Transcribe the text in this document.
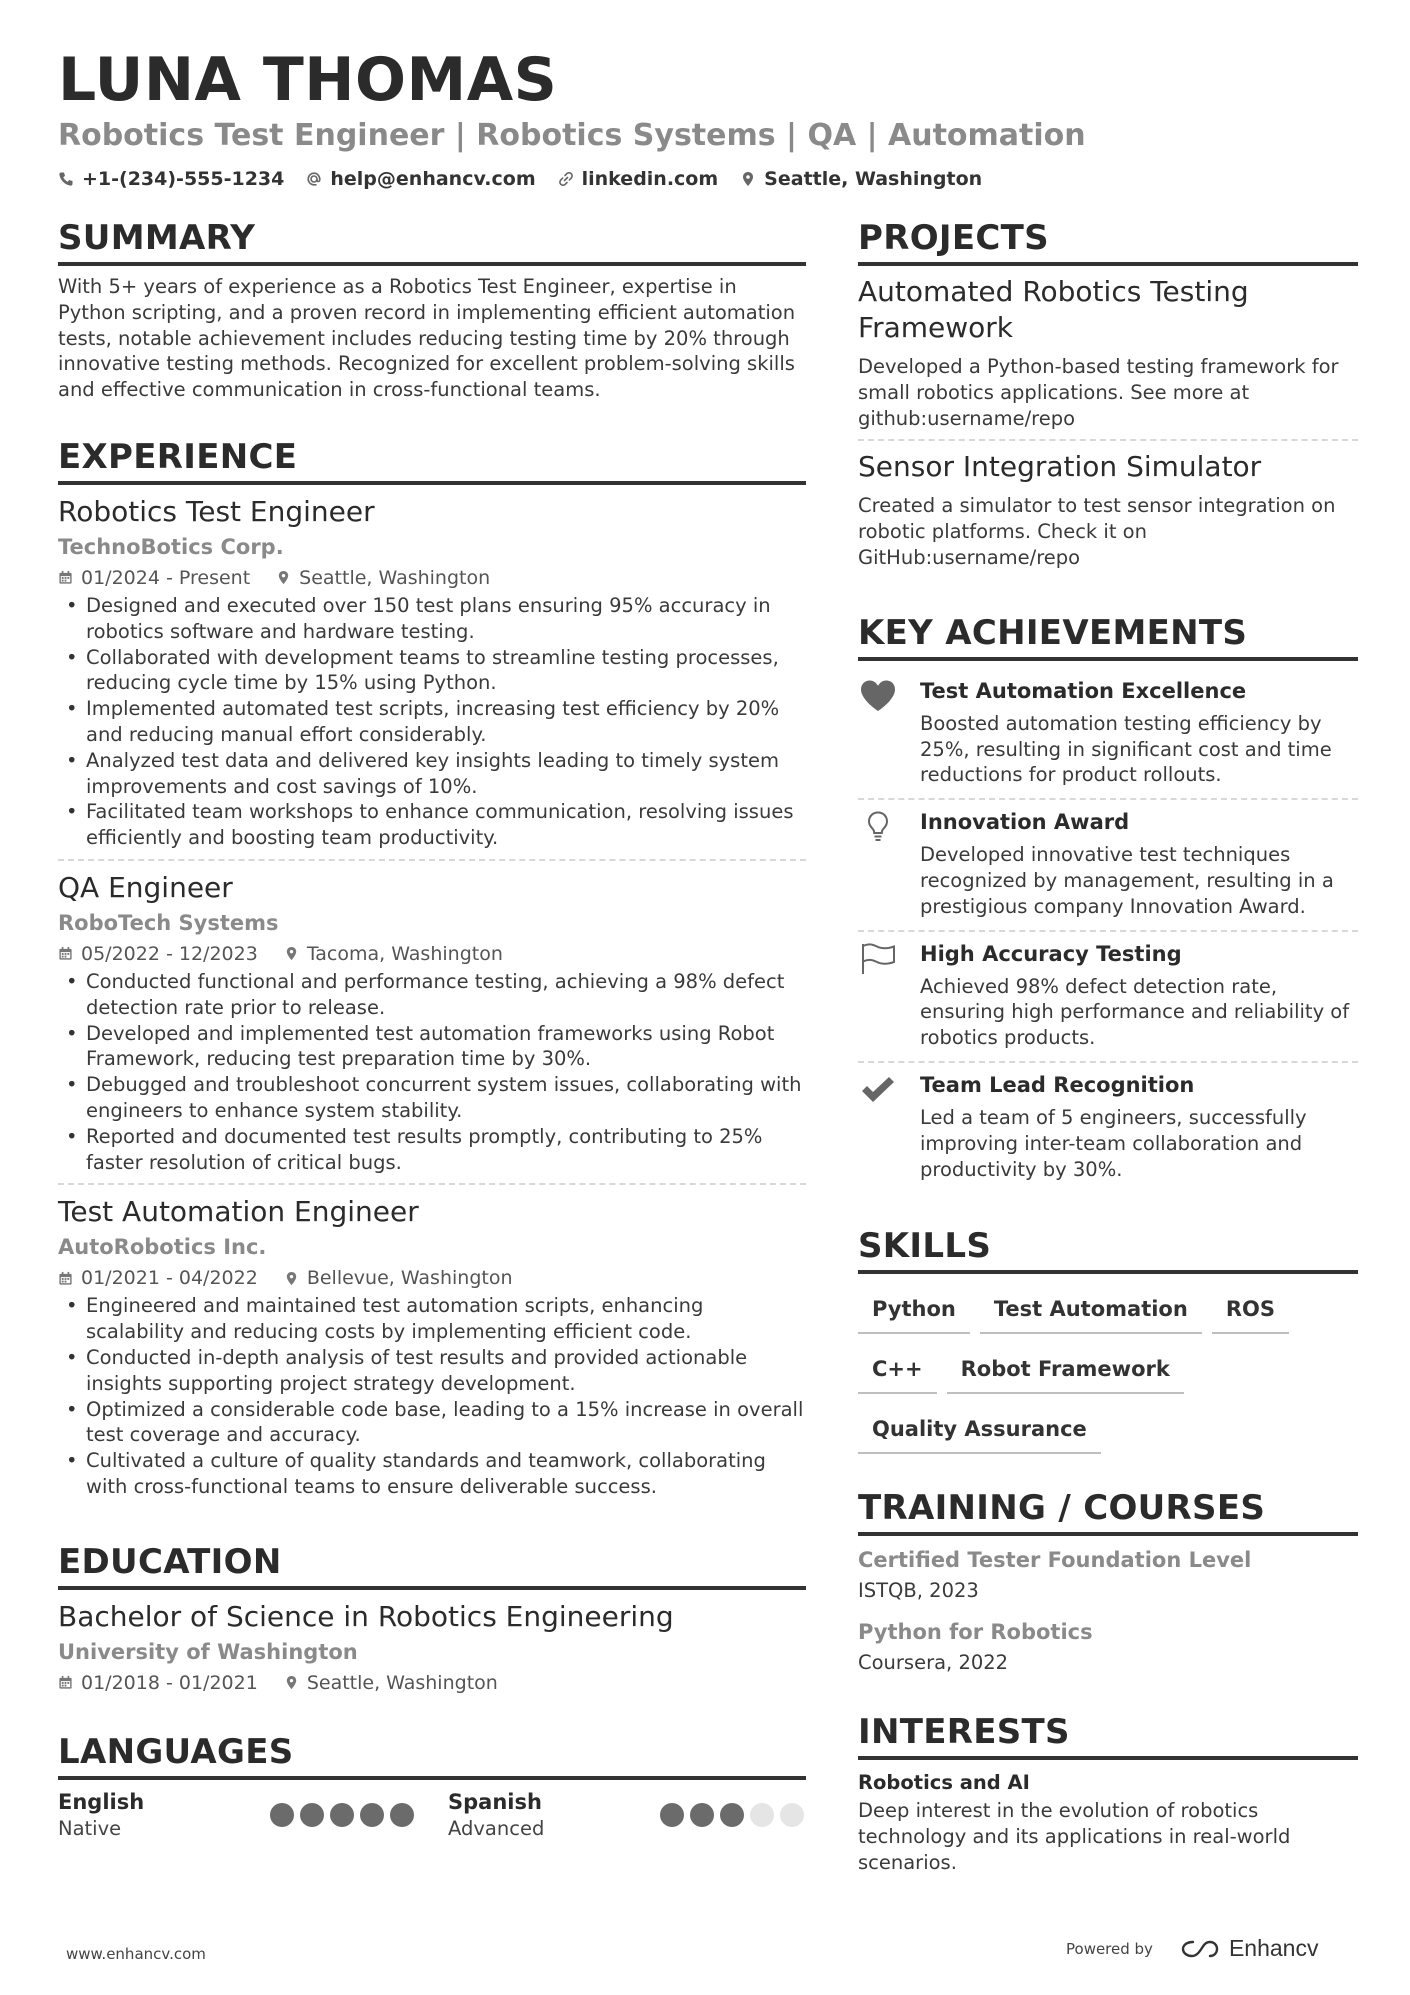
LUNA THOMAS
Robotics Test Engineer | Robotics Systems | QA | Automation
+1-(234)-555-1234 help@enhancv.com linkedin.com Seattle, Washington
SUMMARY

With 5+ years of experience as a Robotics Test Engineer, expertise in Python scripting, and a proven record in implementing efficient automation tests, notable achievement includes reducing testing time by 20% through innovative testing methods. Recognized for excellent problem-solving skills and effective communication in cross-functional teams.

EXPERIENCE
Robotics Test Engineer
TechnoBotics Corp.
01/2024 - Present	Seattle, Washington
• Designed and executed over 150 test plans ensuring 95% accuracy in robotics software and hardware testing.
• Collaborated with development teams to streamline testing processes, reducing cycle time by 15% using Python.
• Implemented automated test scripts, increasing test efficiency by 20% and reducing manual effort considerably.
• Analyzed test data and delivered key insights leading to timely system improvements and cost savings of 10%.
• Facilitated team workshops to enhance communication, resolving issues efficiently and boosting team productivity.
QA Engineer
RoboTech Systems
05/2022 - 12/2023	Tacoma, Washington
• Conducted functional and performance testing, achieving a 98% defect detection rate prior to release.
• Developed and implemented test automation frameworks using Robot Framework, reducing test preparation time by 30%.
• Debugged and troubleshoot concurrent system issues, collaborating with engineers to enhance system stability.
• Reported and documented test results promptly, contributing to 25% faster resolution of critical bugs.
Test Automation Engineer
AutoRobotics Inc.
01/2021 - 04/2022	Bellevue, Washington
• Engineered and maintained test automation scripts, enhancing scalability and reducing costs by implementing efficient code.
• Conducted in-depth analysis of test results and provided actionable insights supporting project strategy development.
• Optimized a considerable code base, leading to a 15% increase in overall test coverage and accuracy.
• Cultivated a culture of quality standards and teamwork, collaborating with cross-functional teams to ensure deliverable success.
EDUCATION
Bachelor of Science in Robotics Engineering
University of Washington
01/2018 - 01/2021	Seattle, Washington
LANGUAGES
English
Native
Spanish
Advanced
PROJECTS
Automated Robotics Testing Framework

Developed a Python-based testing framework for small robotics applications. See more at github:username/repo

Sensor Integration Simulator

Created a simulator to test sensor integration on robotic platforms. Check it on GitHub:username/repo

KEY ACHIEVEMENTS
Test Automation Excellence

Boosted automation testing efficiency by 25%, resulting in significant cost and time reductions for product rollouts.

Innovation Award

Developed innovative test techniques recognized by management, resulting in a prestigious company Innovation Award.

High Accuracy Testing

Achieved 98% defect detection rate, ensuring high performance and reliability of robotics products.

Team Lead Recognition

Led a team of 5 engineers, successfully improving inter-team collaboration and productivity by 30%.

SKILLS
Python	Test Automation	ROS
C++	Robot Framework
Quality Assurance
TRAINING / COURSES
Certified Tester Foundation Level
ISTQB, 2023
Python for Robotics
Coursera, 2022
INTERESTS
Robotics and AI

Deep interest in the evolution of robotics technology and its applications in real-world scenarios.

www.enhancv.com	Powered by	Enhancv
